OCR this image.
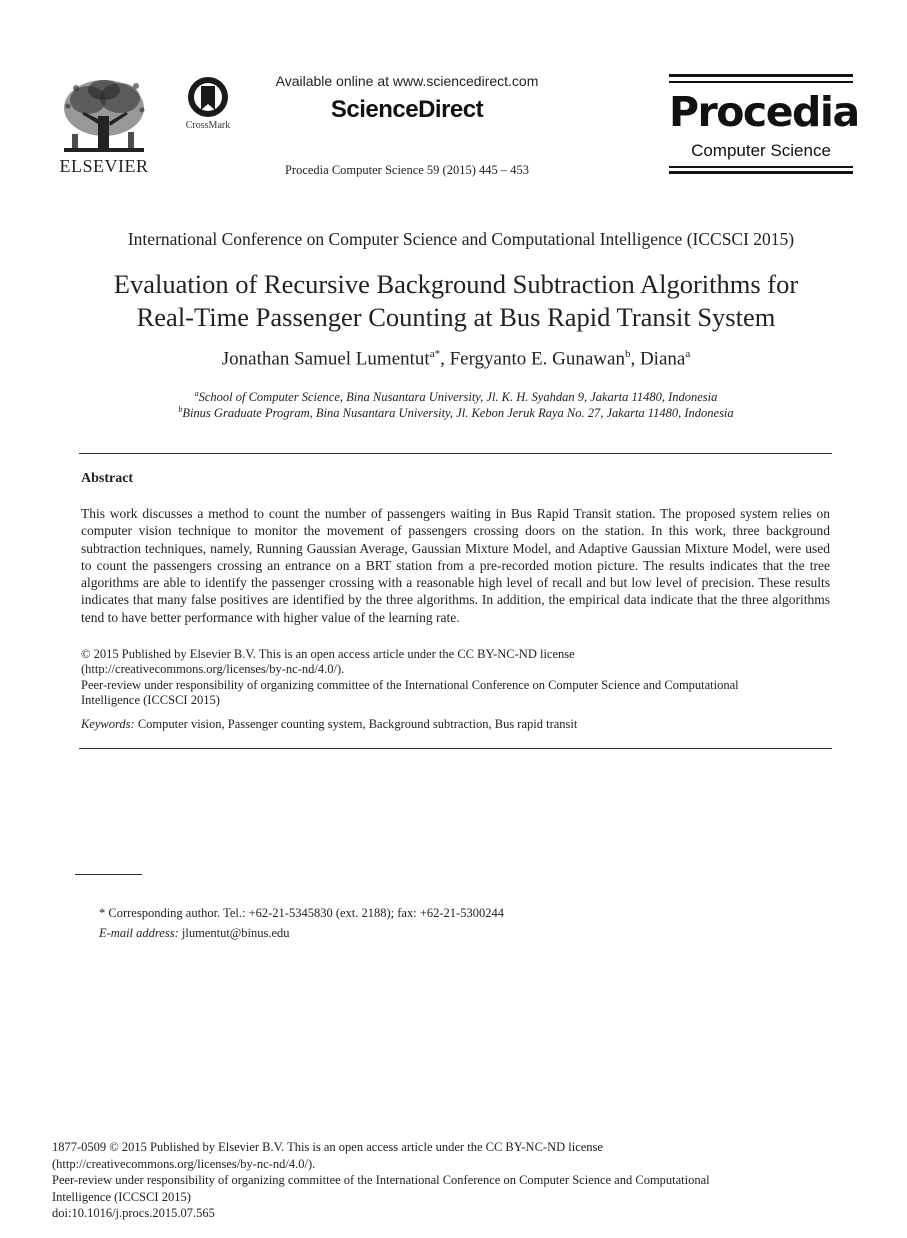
ELSEVIER
CrossMark
Available online at www.sciencedirect.com
ScienceDirect
Procedia Computer Science 59 (2015) 445 – 453
Procedia
Computer Science
International Conference on Computer Science and Computational Intelligence (ICCSCI 2015)
Evaluation of Recursive Background Subtraction Algorithms for
Real-Time Passenger Counting at Bus Rapid Transit System
Jonathan Samuel Lumentut$^{a*}$, Fergyanto E. Gunawan$^b$, Diana$^a$
$^a$School of Computer Science, Bina Nusantara University, Jl. K. H. Syahdan 9, Jakarta 11480, Indonesia
$^b$Binus Graduate Program, Bina Nusantara University, Jl. Kebon Jeruk Raya No. 27, Jakarta 11480, Indonesia
Abstract
This work discusses a method to count the number of passengers waiting in Bus Rapid Transit station. The proposed system relies on computer vision technique to monitor the movement of passengers crossing doors on the station. In this work, three background subtraction techniques, namely, Running Gaussian Average, Gaussian Mixture Model, and Adaptive Gaussian Mixture Model, were used to count the passengers crossing an entrance on a BRT station from a pre-recorded motion picture. The results indicates that the tree algorithms are able to identify the passenger crossing with a reasonable high level of recall and but low level of precision. These results indicates that many false positives are identified by the three algorithms. In addition, the empirical data indicate that the three algorithms tend to have better performance with higher value of the learning rate.
© 2015 Published by Elsevier B.V. This is an open access article under the CC BY-NC-ND license
(http://creativecommons.org/licenses/by-nc-nd/4.0/).
Peer-review under responsibility of organizing committee of the International Conference on Computer Science and Computational
Intelligence (ICCSCI 2015)
Keywords: Computer vision, Passenger counting system, Background subtraction, Bus rapid transit
* Corresponding author. Tel.: +62-21-5345830 (ext. 2188); fax: +62-21-5300244
E-mail address: jlumentut@binus.edu
1877-0509 © 2015 Published by Elsevier B.V. This is an open access article under the CC BY-NC-ND license
(http://creativecommons.org/licenses/by-nc-nd/4.0/).
Peer-review under responsibility of organizing committee of the International Conference on Computer Science and Computational
Intelligence (ICCSCI 2015)
doi:10.1016/j.procs.2015.07.565
